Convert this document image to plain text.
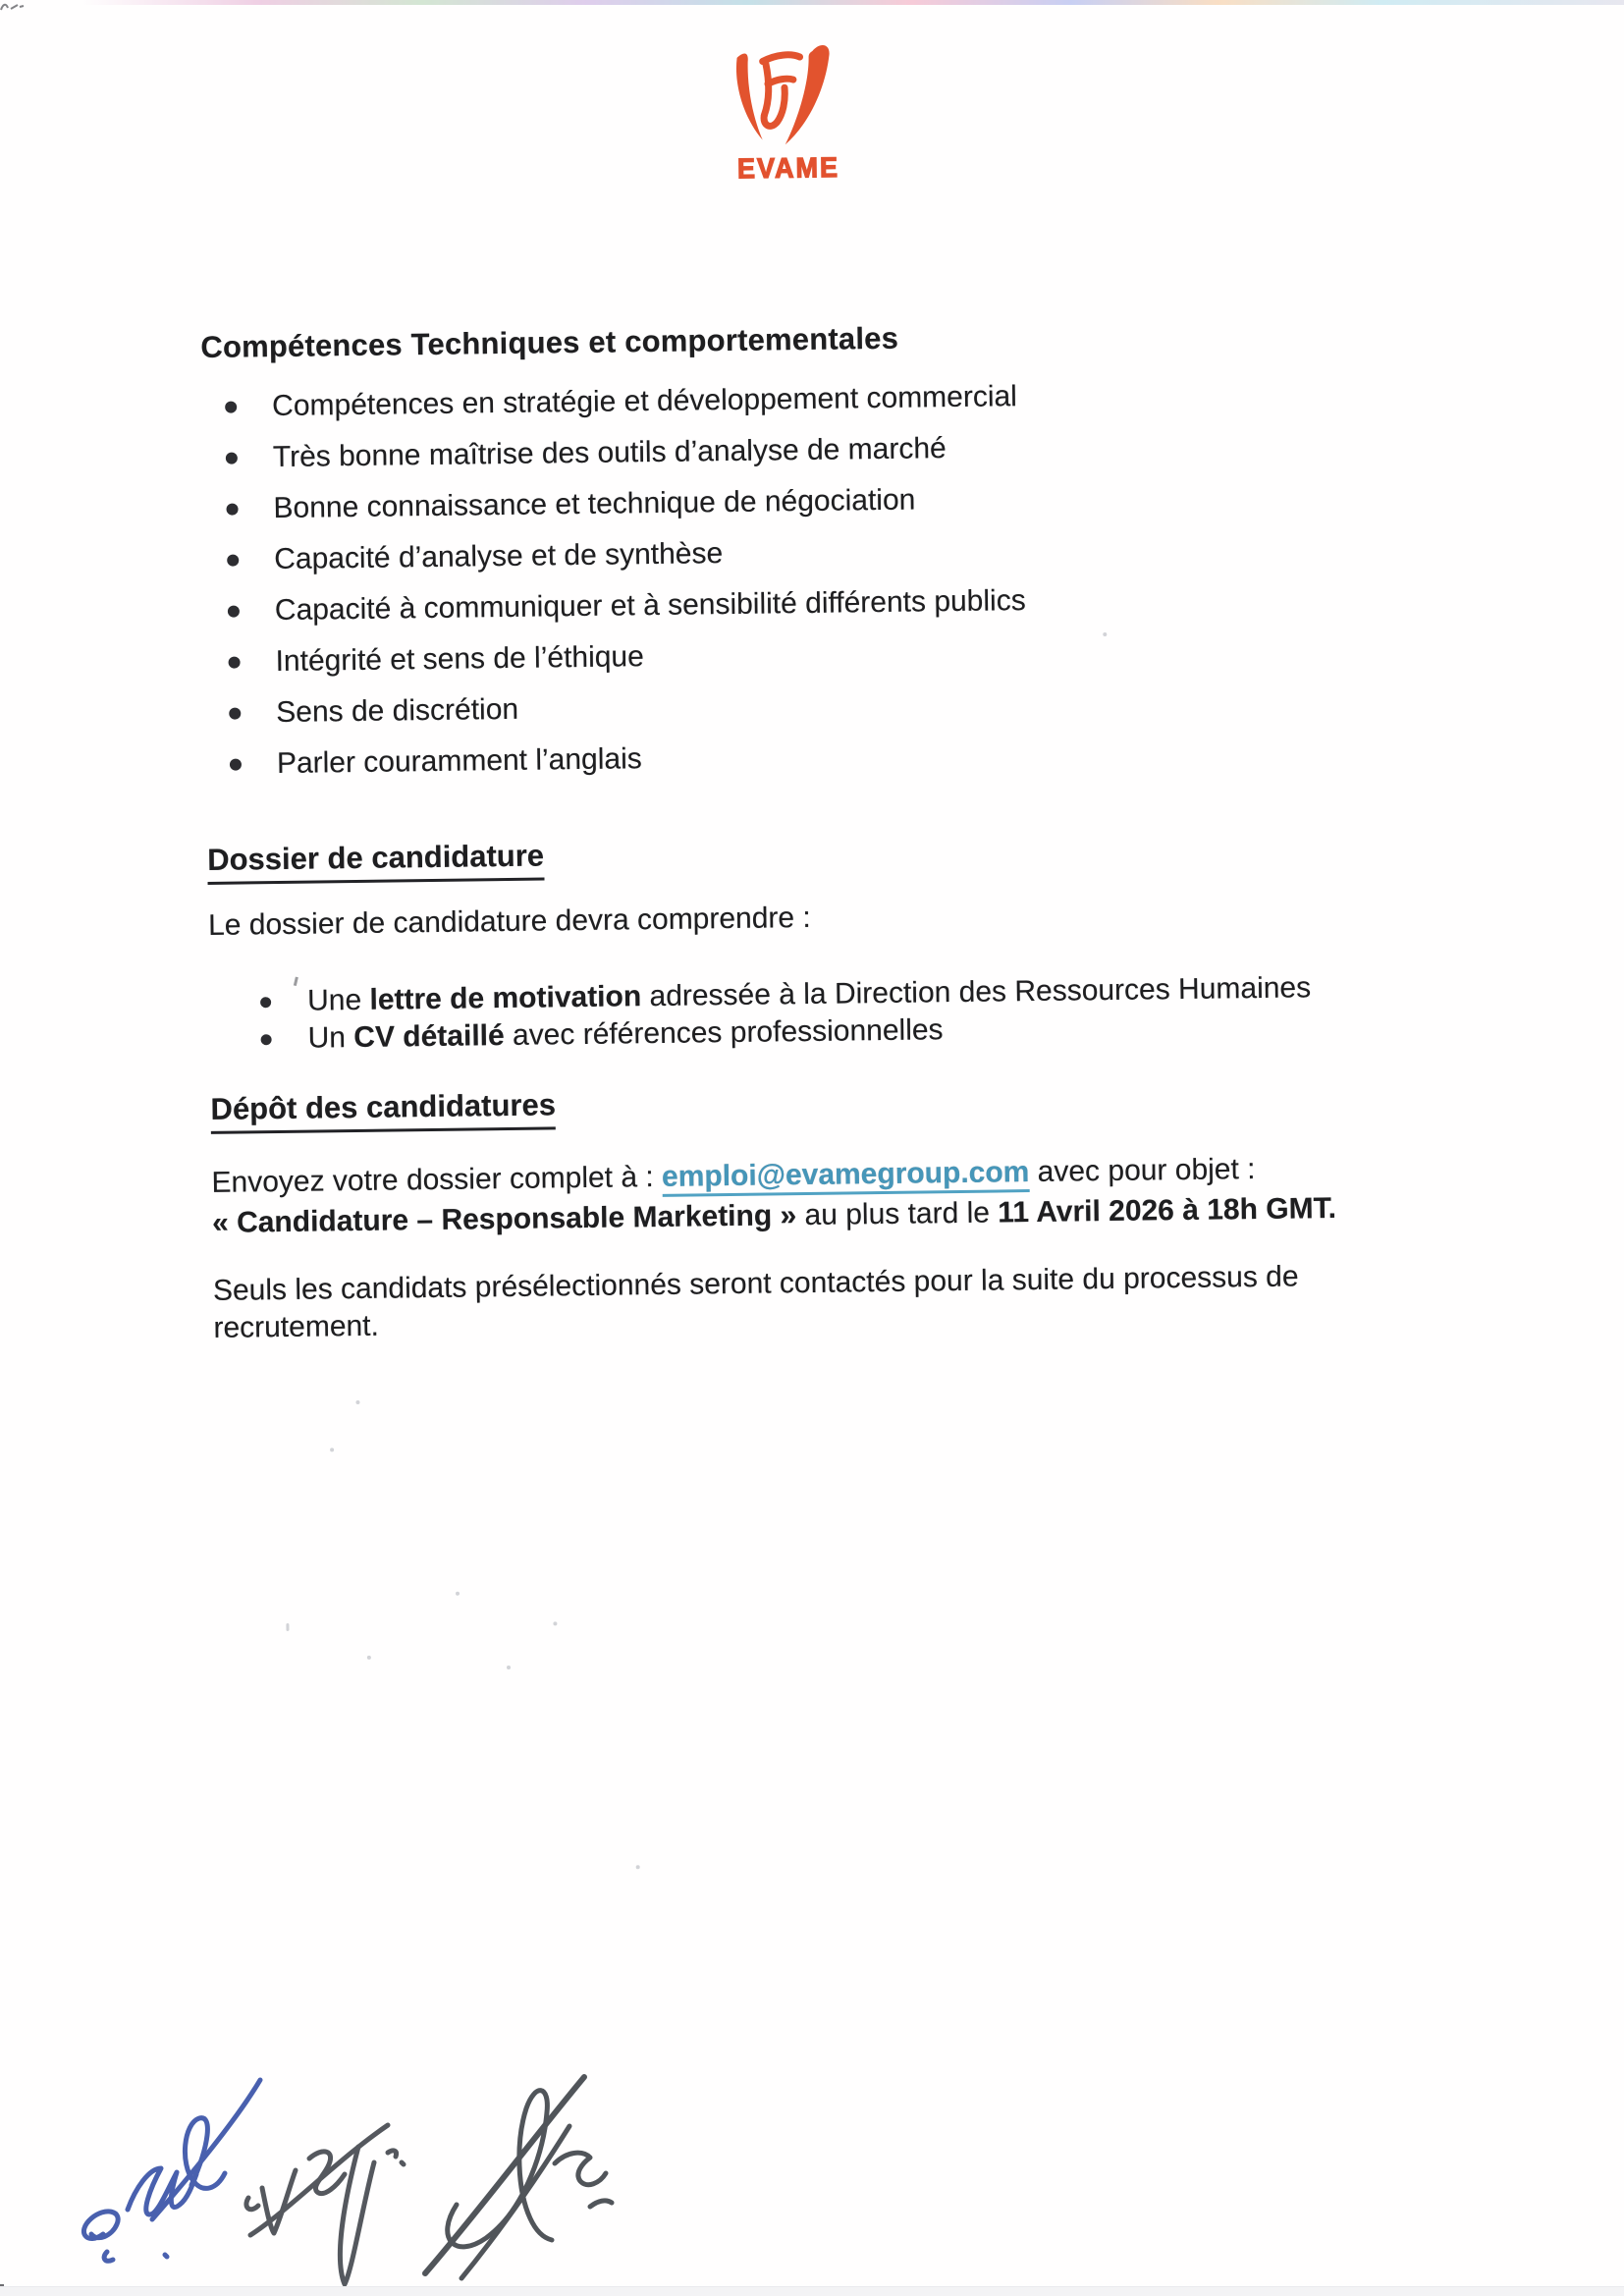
EVAME
Compétences Techniques et comportementales
Compétences en stratégie et développement commercial
Très bonne maîtrise des outils d’analyse de marché
Bonne connaissance et technique de négociation
Capacité d’analyse et de synthèse
Capacité à communiquer et à sensibilité différents publics
Intégrité et sens de l’éthique
Sens de discrétion
Parler couramment l’anglais
Dossier de candidature

Le dossier de candidature devra comprendre :

Une lettre de motivation adressée à la Direction des Ressources Humaines
Un CV détaillé avec références professionnelles
Dépôt des candidatures

Envoyez votre dossier complet à : emploi@evamegroup.com avec pour objet :
« Candidature – Responsable Marketing » au plus tard le 11 Avril 2026 à 18h GMT.

Seuls les candidats présélectionnés seront contactés pour la suite du processus de
recrutement.
